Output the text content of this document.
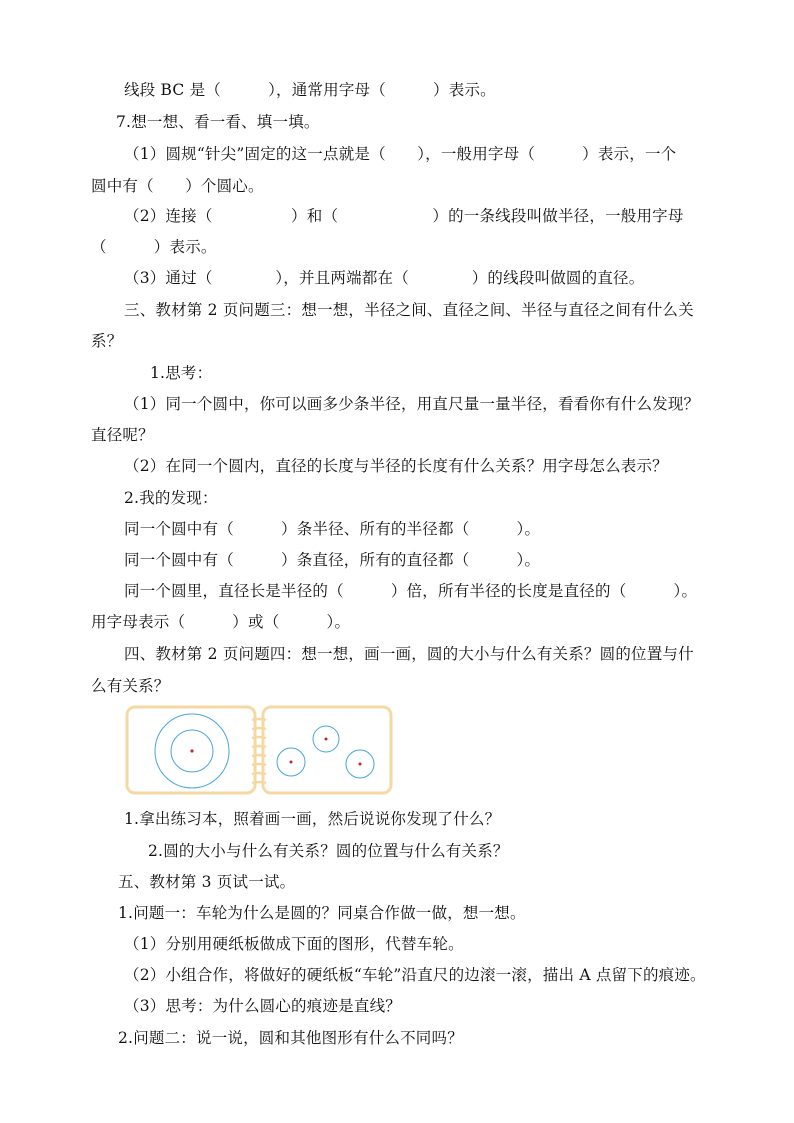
线段 BC 是（　　　），通常用字母（　　　）表示。
7.想一想、看一看、填一填。
（1）圆规“针尖”固定的这一点就是（　　），一般用字母（　　　）表示，一个
圆中有（　　）个圆心。
（2）连接（　　　　　）和（　　　　　　）的一条线段叫做半径，一般用字母
（　　　）表示。
（3）通过（　　　　），并且两端都在（　　　　）的线段叫做圆的直径。
三、教材第 2 页问题三：想一想，半径之间、直径之间、半径与直径之间有什么关
系？
1.思考：
（1）同一个圆中，你可以画多少条半径，用直尺量一量半径，看看你有什么发现？
直径呢？
（2）在同一个圆内，直径的长度与半径的长度有什么关系？用字母怎么表示？
2.我的发现：
同一个圆中有（　　　）条半径、所有的半径都（　　　）。
同一个圆中有（　　　）条直径，所有的直径都（　　　）。
同一个圆里，直径长是半径的（　　　）倍，所有半径的长度是直径的（　　　）。
用字母表示（　　　）或（　　　）。
四、教材第 2 页问题四：想一想，画一画，圆的大小与什么有关系？圆的位置与什
么有关系？
1.拿出练习本，照着画一画，然后说说你发现了什么？
2.圆的大小与什么有关系？圆的位置与什么有关系？
五、教材第 3 页试一试。
1.问题一：车轮为什么是圆的？同桌合作做一做，想一想。
（1）分别用硬纸板做成下面的图形，代替车轮。
（2）小组合作，将做好的硬纸板“车轮”沿直尺的边滚一滚，描出 A 点留下的痕迹。
（3）思考：为什么圆心的痕迹是直线？
2.问题二：说一说，圆和其他图形有什么不同吗？
